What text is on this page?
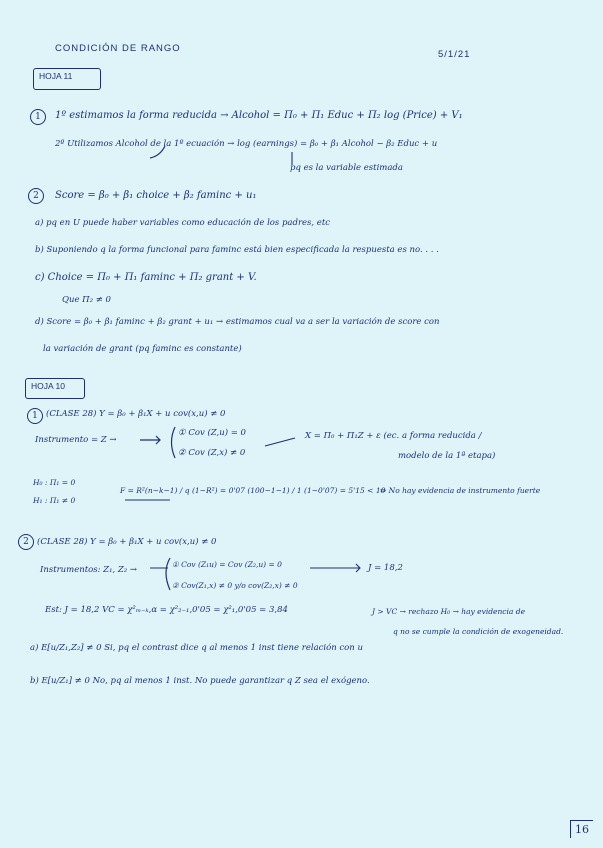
CONDICIÓN DE RANGO
5/1/21
HOJA 11
1	1º estimamos la forma reducida → Alcohol = Π₀ + Π₁ Educ + Π₂ log (Price) + V₁
2º Utilizamos Alcohol de la 1º ecuación → log (earnings) = β₀ + β₁ Alcohol − β₂ Educ + u
pq es la variable estimada
2	Score = β₀ + β₁ choice + β₂ faminc + u₁
a) pq en U puede haber variables como educación de los padres, etc
b) Suponiendo q la forma funcional para faminc está bien especificada la respuesta es no. . . .
c) Choice = Π₀ + Π₁ faminc + Π₂ grant + V.
Que Π₂ ≠ 0
d) Score = β₀ + β₁ faminc + β₂ grant + u₁ → estimamos cual va a ser la variación de score con
la variación de grant (pq faminc es constante)
HOJA 10
1 (CLASE 28) Y = β₀ + β₁X + u cov(x,u) ≠ 0
Instrumento = Z →
① Cov (Z,u) = 0
② Cov (Z,x) ≠ 0
X = Π₀ + Π₁Z + ε (ec. a forma reducida /
modelo de la 1ª etapa)
H₀ : Π₁ = 0
H₁ : Π₁ ≠ 0
F = R²(n−k−1) / q (1−R²) = 0'07 (100−1−1) / 1 (1−0'07) = 5'15 < 10
⇒ No hay evidencia de instrumento fuerte
2 (CLASE 28) Y = β₀ + β₁X + u cov(x,u) ≠ 0
Instrumentos: Z₁, Z₂ →
① Cov (Z₁u) = Cov (Z₂,u) = 0
② Cov(Z₁,x) ≠ 0 y/o cov(Z₂,x) ≠ 0
J = 18,2
Est: J = 18,2 VC = χ²ₘ₋ₖ,α = χ²₂₋₁,0'05 = χ²₁,0'05 = 3,84	J > VC → rechazo H₀ → hay evidencia de
q no se cumple la condición de exogeneidad.
a) E[u/Z₁,Z₂] ≠ 0 Si, pq el contrast dice q al menos 1 inst tiene relación con u
b) E[u/Z₁] ≠ 0 No, pq al menos 1 inst. No puede garantizar q Z sea el exógeno.
16
